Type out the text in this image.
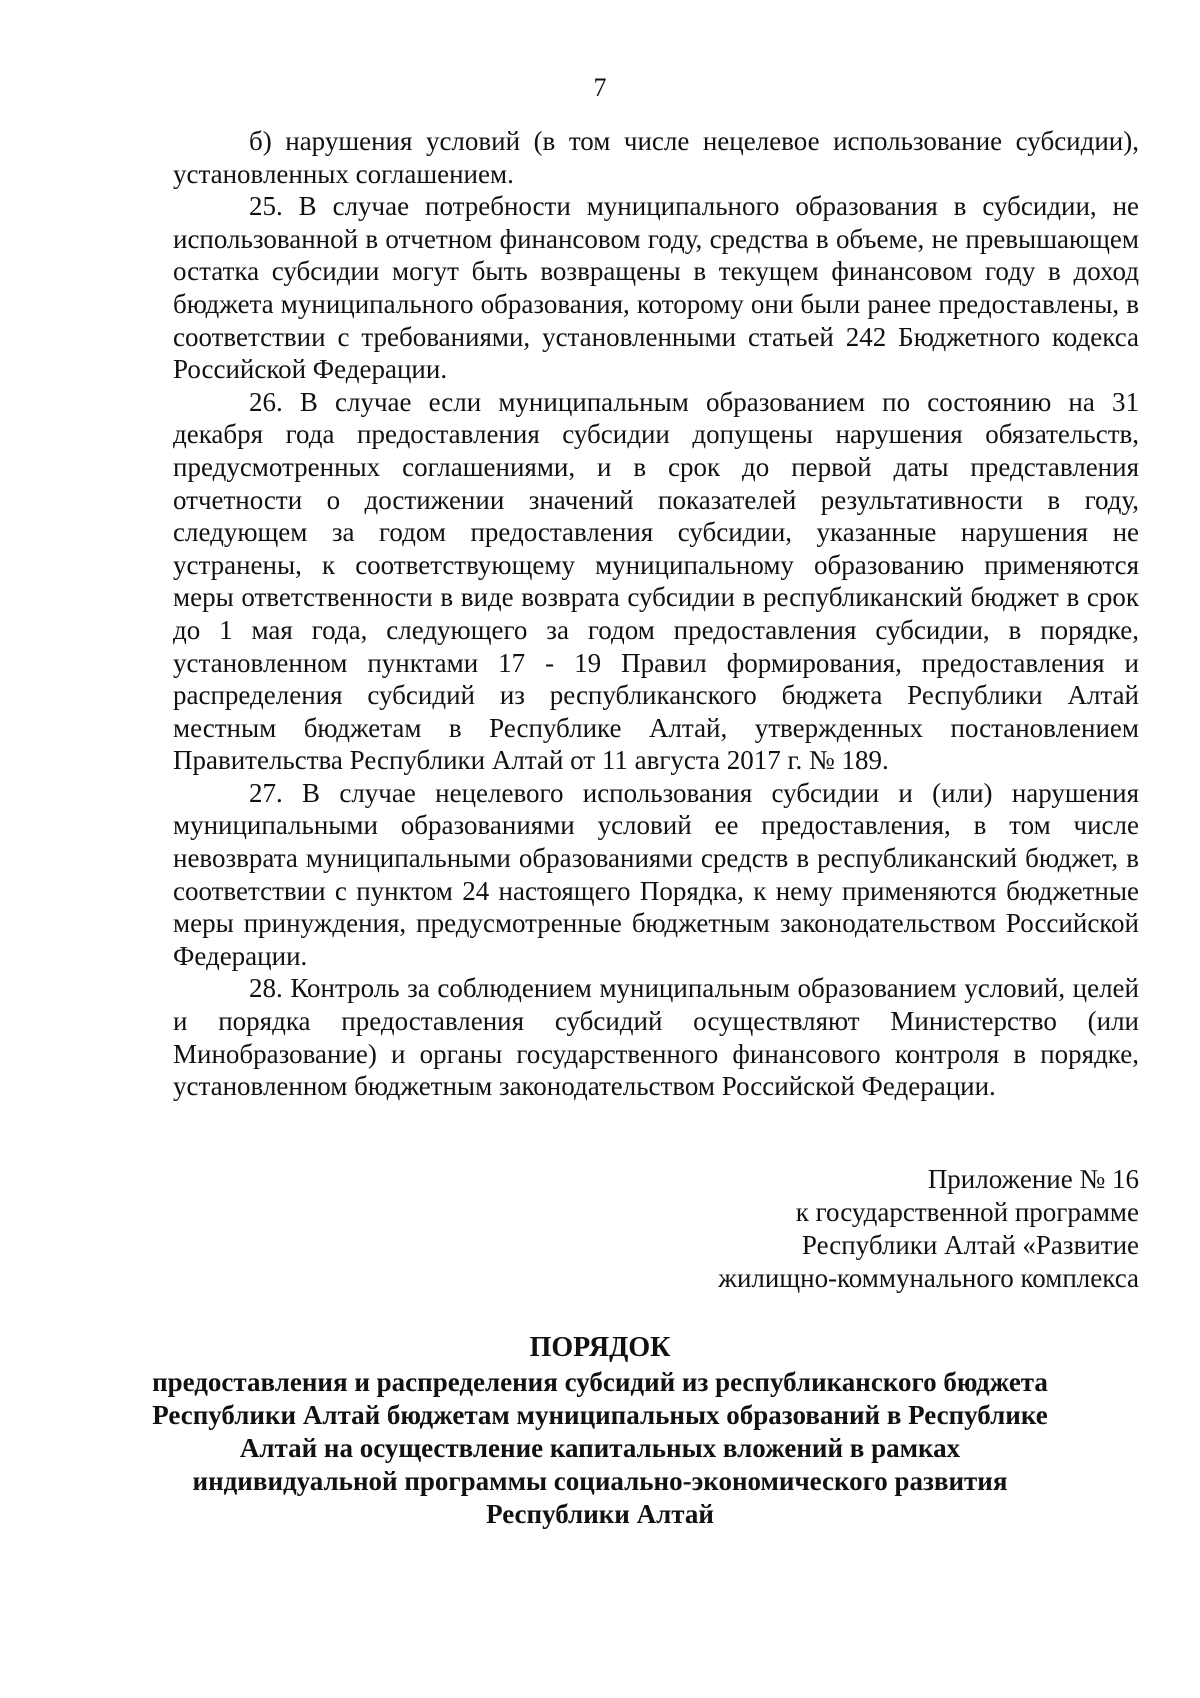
7

б) нарушения условий (в том числе нецелевое использование субсидии), установленных соглашением.

25. В случае потребности муниципального образования в субсидии, не использованной в отчетном финансовом году, средства в объеме, не превышающем остатка субсидии могут быть возвращены в текущем финансовом году в доход бюджета муниципального образования, которому они были ранее предоставлены, в соответствии с требованиями, установленными статьей 242 Бюджетного кодекса Российской Федерации.

26. В случае если муниципальным образованием по состоянию на 31 декабря года предоставления субсидии допущены нарушения обязательств, предусмотренных соглашениями, и в срок до первой даты представления отчетности о достижении значений показателей результативности в году, следующем за годом предоставления субсидии, указанные нарушения не устранены, к соответствующему муниципальному образованию применяются меры ответственности в виде возврата субсидии в республиканский бюджет в срок до 1 мая года, следующего за годом предоставления субсидии, в порядке, установленном пунктами 17 - 19 Правил формирования, предоставления и распределения субсидий из республиканского бюджета Республики Алтай местным бюджетам в Республике Алтай, утвержденных постановлением Правительства Республики Алтай от 11 августа 2017 г. № 189.

27. В случае нецелевого использования субсидии и (или) нарушения муниципальными образованиями условий ее предоставления, в том числе невозврата муниципальными образованиями средств в республиканский бюджет, в соответствии с пунктом 24 настоящего Порядка, к нему применяются бюджетные меры принуждения, предусмотренные бюджетным законодательством Российской Федерации.

28. Контроль за соблюдением муниципальным образованием условий, целей и порядка предоставления субсидий осуществляют Министерство (или Минобразование) и органы государственного финансового контроля в порядке, установленном бюджетным законодательством Российской Федерации.

Приложение № 16
к государственной программе
Республики Алтай «Развитие
жилищно-коммунального комплекса
ПОРЯДОК
предоставления и распределения субсидий из республиканского бюджета
Республики Алтай бюджетам муниципальных образований в Республике
Алтай на осуществление капитальных вложений в рамках
индивидуальной программы социально-экономического развития
Республики Алтай
